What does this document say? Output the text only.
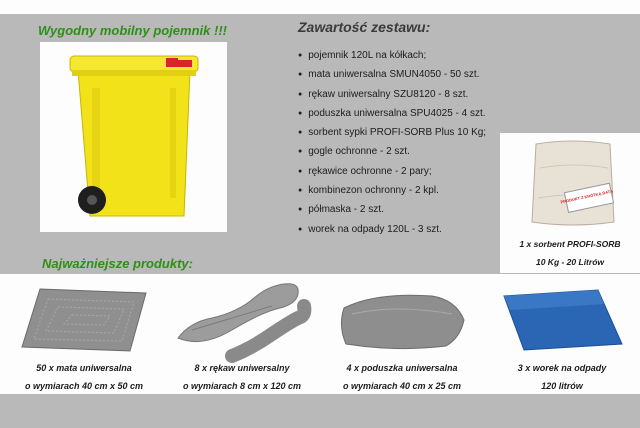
Wygodny mobilny pojemnik !!!	Zawartość zestawu:
● pojemnik 120L na kółkach;
● mata uniwersalna SMUN4050 - 50 szt.
● rękaw uniwersalny SZU8120 - 8 szt.
● poduszka uniwersalna SPU4025 - 4 szt.
● sorbent sypki PROFI-SORB Plus 10 Kg;
● gogle ochronne - 2 szt.
● rękawice ochronne - 2 pary;
● kombinezon ochronny - 2 kpl.
● półmaska - 2 szt.
● worek na odpady 120L - 3 szt.
PRODUKT Z KRÓTKĄ DATĄ
1 x sorbent PROFI-SORB
10 Kg - 20 Litrów
Najważniejsze produkty:
50 x mata uniwersalna
o wymiarach 40 cm x 50 cm
8 x rękaw uniwersalny
o wymiarach 8 cm x 120 cm
4 x poduszka uniwersalna
o wymiarach 40 cm x 25 cm
3 x worek na odpady
120 litrów
